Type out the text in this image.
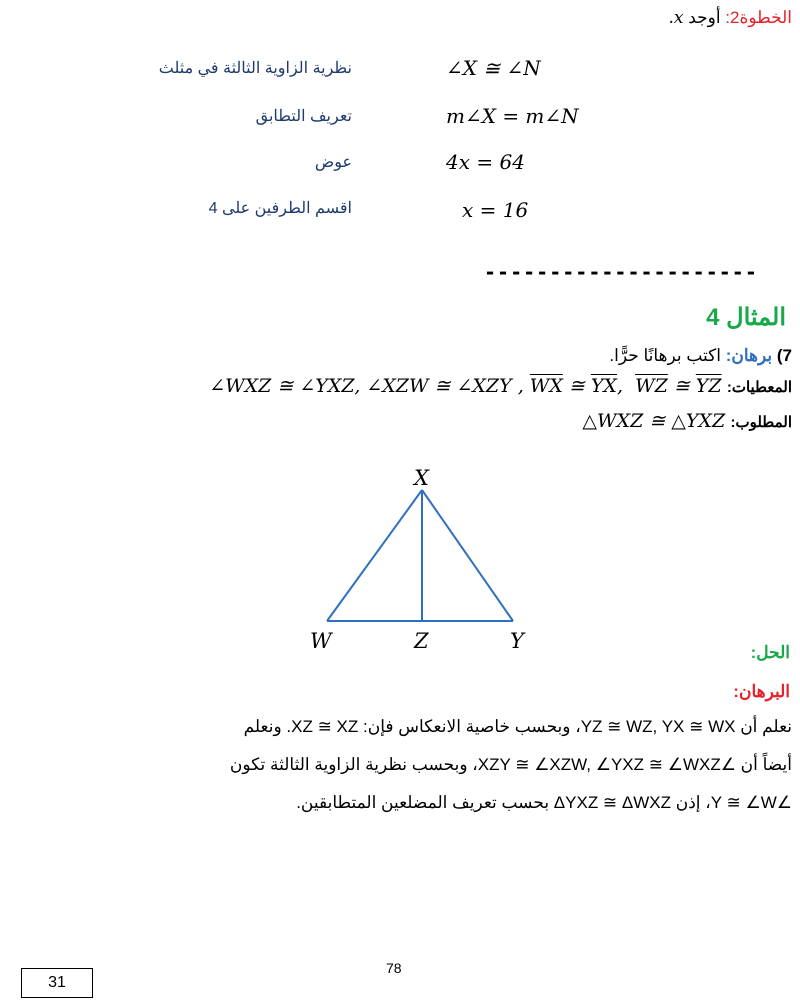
الخطوة2: أوجد x.
∠X ≅ ∠N
نظرية الزاوية الثالثة في مثلث
m∠X = m∠N
تعريف التطابق
4x = 64
عوض
x = 16
اقسم الطرفين على 4
---------------------
المثال 4
7) برهان: اكتب برهانًا حرًّا.
المعطيات: ∠WXZ ≅ ∠YXZ, ∠XZW ≅ ∠XZY , $\overline{WX}$ ≅ $\overline{YX}$,  $\overline{WZ}$ ≅ $\overline{YZ}$
المطلوب: △WXZ ≅ △YXZ
X
W	Z	Y	الحل:
البرهان:
نعلم أن YZ ≅ WZ, YX ≅ WX، وبحسب خاصية الانعكاس فإن: XZ ≅ XZ. ونعلم
أيضاً أن ∠XZY ≅ ∠XZW, ∠YXZ ≅ ∠WXZ، وبحسب نظرية الزاوية الثالثة تكون
∠Y ≅ ∠W، إذن ΔYXZ ≅ ΔWXZ بحسب تعريف المضلعين المتطابقين.
78
31
